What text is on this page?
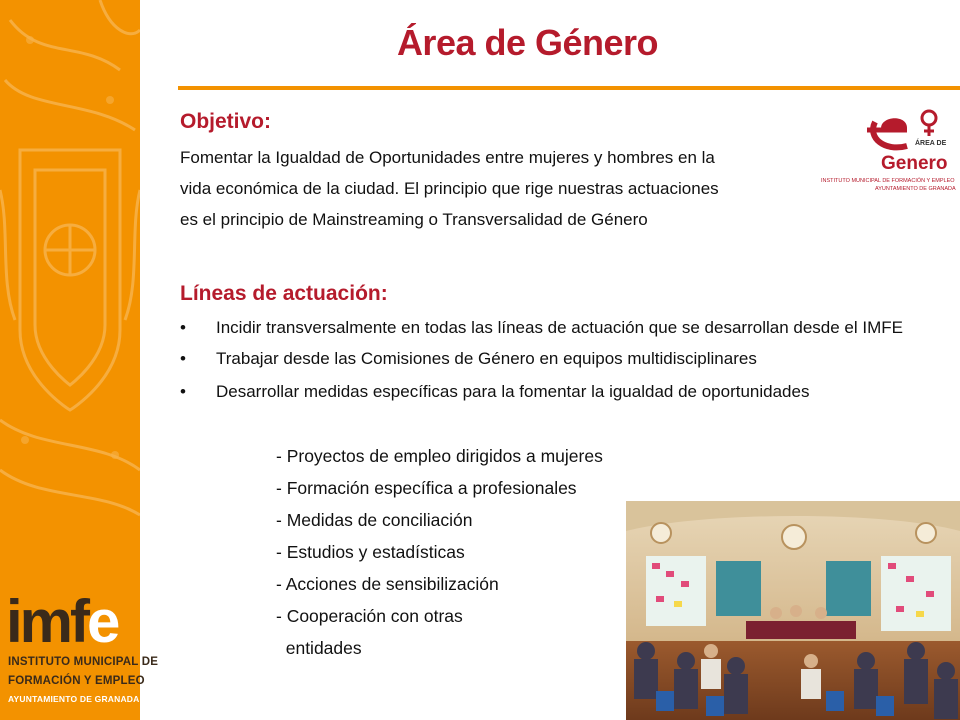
imfe
INSTITUTO MUNICIPAL DE
FORMACIÓN Y EMPLEO
AYUNTAMIENTO DE GRANADA
Área de Género
Objetivo:
Fomentar la Igualdad de Oportunidades entre mujeres y hombres en la
vida económica de la ciudad. El principio que rige nuestras actuaciones
es el principio de Mainstreaming o Transversalidad de Género
ÁREA DE
Genero
INSTITUTO MUNICIPAL DE FORMACIÓN Y EMPLEO
AYUNTAMIENTO DE GRANADA
Líneas de actuación:
• Incidir transversalmente en todas las líneas de actuación que se desarrollan desde el IMFE
• Trabajar desde las Comisiones de Género en equipos multidisciplinares
• Desarrollar medidas específicas para la fomentar la igualdad de oportunidades
- Proyectos de empleo dirigidos a mujeres
- Formación específica a profesionales
- Medidas de conciliación
- Estudios y estadísticas
- Acciones de sensibilización
- Cooperación con otras
entidades
